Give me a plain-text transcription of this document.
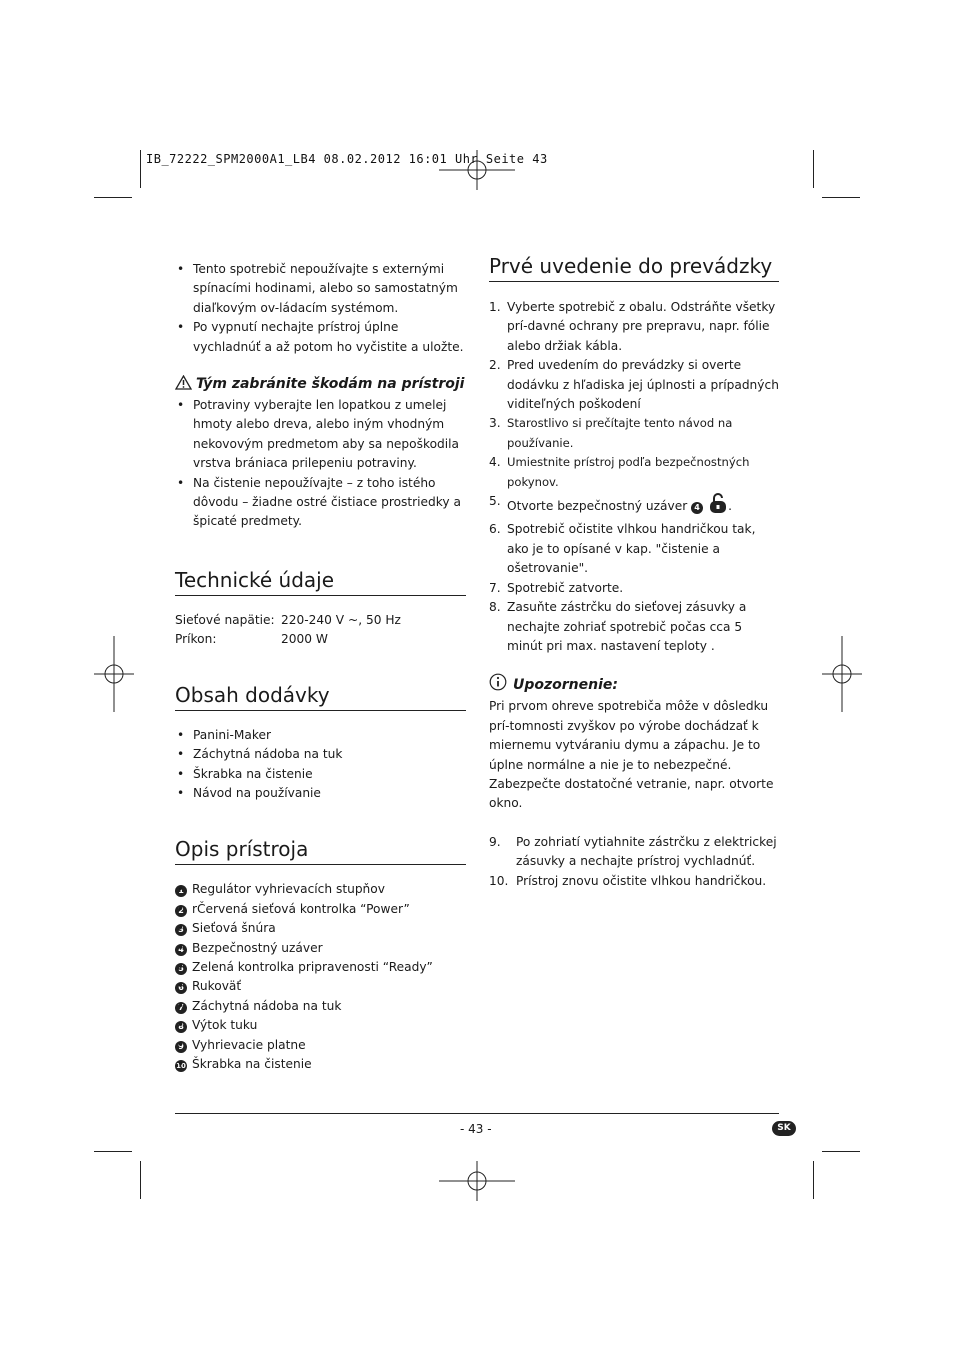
IB_72222_SPM2000A1_LB4 08.02.2012 16:01 Uhr Seite 43
• Tento spotrebič nepoužívajte s externými spínacími hodinami, alebo so samostatným diaľkovým ov-ládacím systémom.
• Po vypnutí nechajte prístroj úplne vychladnúť a až potom ho vyčistite a uložte.

Tým zabránite škodám na prístroji

• Potraviny vyberajte len lopatkou z umelej hmoty alebo dreva, alebo iným vhodným nekovovým predmetom aby sa nepoškodila vrstva brániaca prilepeniu potraviny.
• Na čistenie nepoužívajte – z toho istého dôvodu – žiadne ostré čistiace prostriedky a špicaté predmety.
Technické údaje
Sieťové napätie: 220-240 V ~, 50 Hz
Príkon:	2000 W
Obsah dodávky
• Panini-Maker
• Záchytná nádoba na tuk
• Škrabka na čistenie
• Návod na používanie
Opis prístroja
• 1 Regulátor vyhrievacích stupňov
• 2 rČervená sieťová kontrolka “Power”
• 3 Sieťová šnúra
• 4 Bezpečnostný uzáver
• 5 Zelená kontrolka pripravenosti “Ready”
• 6 Rukoväť
• 7 Záchytná nádoba na tuk
• 8 Výtok tuku
• 9 Vyhrievacie platne
• 10 Škrabka na čistenie
Prvé uvedenie do prevádzky
1. Vyberte spotrebič z obalu. Odstráňte všetky prí-davné ochrany pre prepravu, napr. fólie alebo držiak kábla.
2. Pred uvedením do prevádzky si overte dodávku z hľadiska jej úplnosti a prípadných viditeľných poškodení
3. Starostlivo si prečítajte tento návod na používanie.
4. Umiestnite prístroj podľa bezpečnostných pokynov.
5. Otvorte bezpečnostný uzáver 4 .
6. Spotrebič očistite vlhkou handričkou tak, ako je to opísané v kap. "čistenie a ošetrovanie".
7. Spotrebič zatvorte.
8. Zasuňte zástrčku do sieťovej zásuvky a nechajte zohriať spotrebič počas cca 5 minút pri max. nastavení teploty .

Upozornenie:

Pri prvom ohreve spotrebiča môže v dôsledku prí-tomnosti zvyškov po výrobe dochádzať k miernemu vytváraniu dymu a zápachu. Je to úplne normálne a nie je to nebezpečné. Zabezpečte dostatočné vetranie, napr. otvorte okno.

9. Po zohriatí vytiahnite zástrčku z elektrickej zásuvky a nechajte prístroj vychladnúť.
10. Prístroj znovu očistite vlhkou handričkou.
- 43 -	SK
